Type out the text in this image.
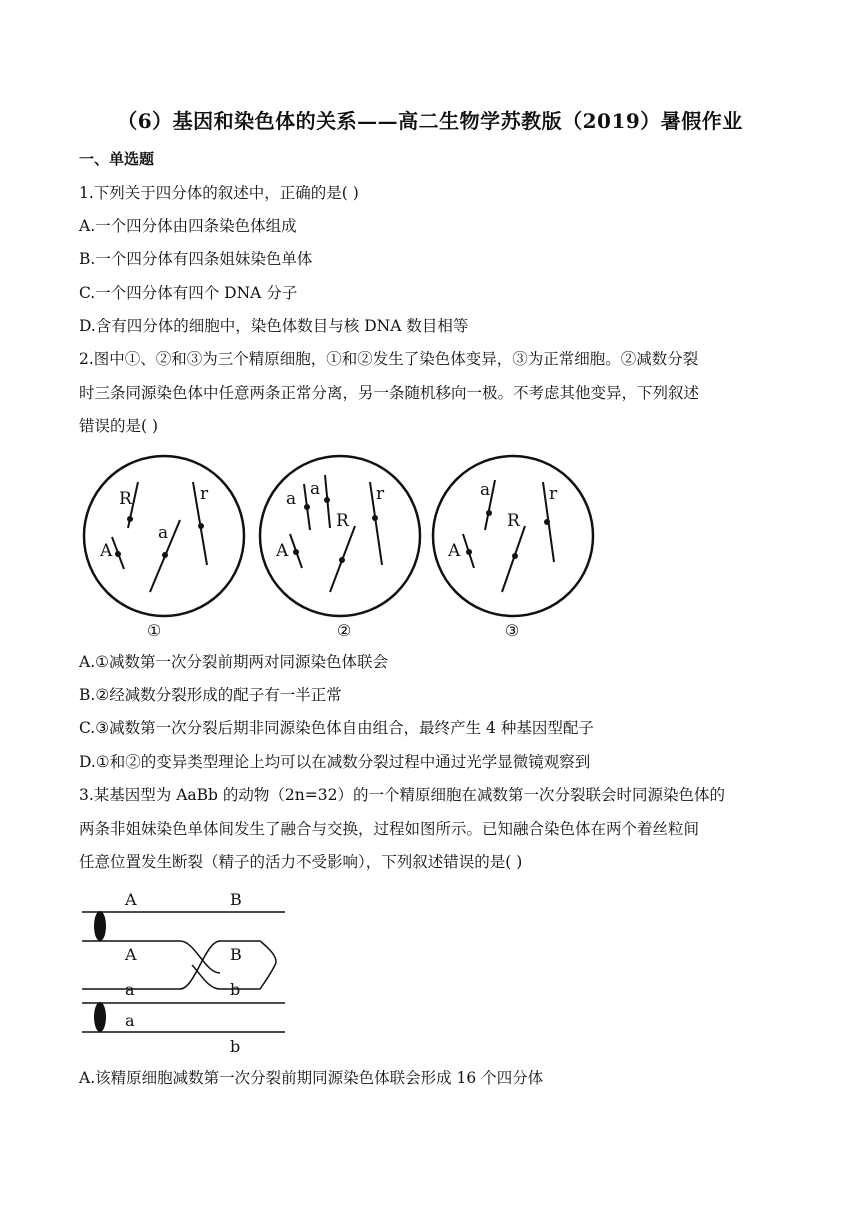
（6）基因和染色体的关系——高二生物学苏教版（2019）暑假作业
一、单选题
1.下列关于四分体的叙述中，正确的是( )
A.一个四分体由四条染色体组成
B.一个四分体有四条姐妹染色单体
C.一个四分体有四个 DNA 分子
D.含有四分体的细胞中，染色体数目与核 DNA 数目相等
2.图中①、②和③为三个精原细胞，①和②发生了染色体变异，③为正常细胞。②减数分裂
时三条同源染色体中任意两条正常分离，另一条随机移向一极。不考虑其他变异，下列叙述
错误的是( )
R	r
a
A
①
a a	r
R
A
②
a	r
R
A
③
A.①减数第一次分裂前期两对同源染色体联会
B.②经减数分裂形成的配子有一半正常
C.③减数第一次分裂后期非同源染色体自由组合，最终产生 4 种基因型配子
D.①和②的变异类型理论上均可以在减数分裂过程中通过光学显微镜观察到
3.某基因型为 AaBb 的动物（2n=32）的一个精原细胞在减数第一次分裂联会时同源染色体的
两条非姐妹染色单体间发生了融合与交换，过程如图所示。已知融合染色体在两个着丝粒间
任意位置发生断裂（精子的活力不受影响），下列叙述错误的是( )
A	B
A	B
a	b
a
b
A.该精原细胞减数第一次分裂前期同源染色体联会形成 16 个四分体
